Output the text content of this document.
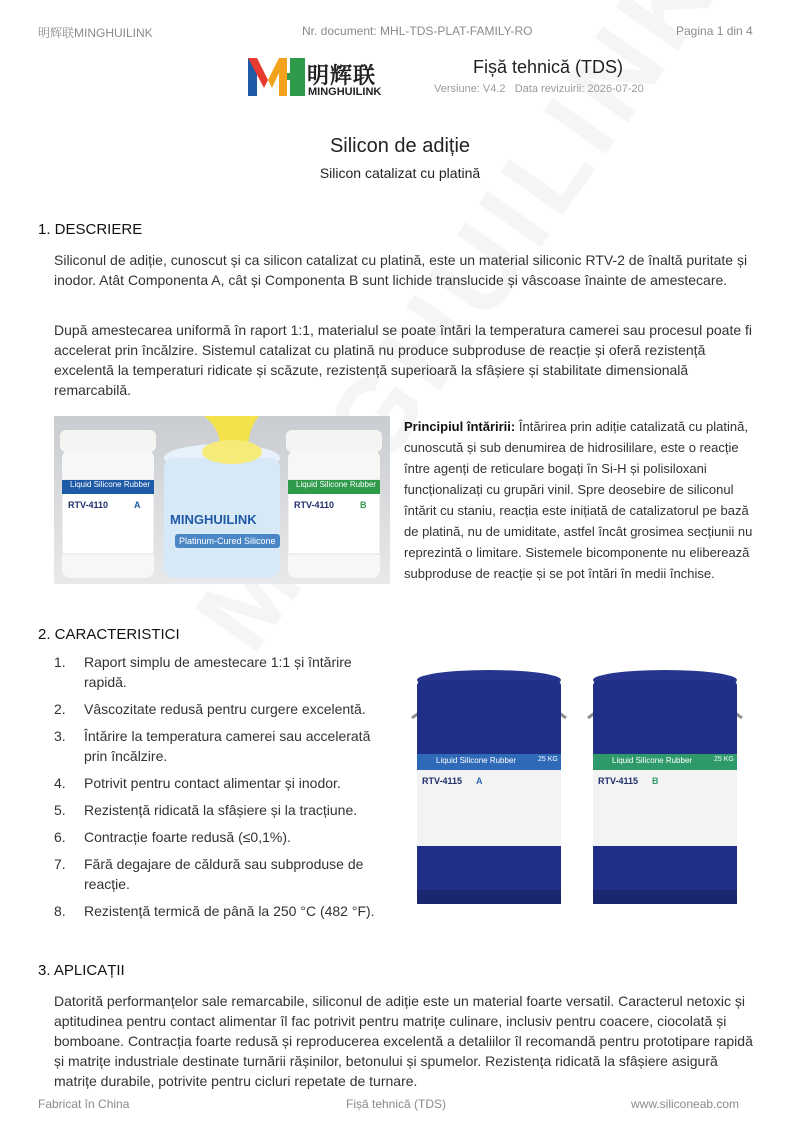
明辉联MINGHUILINK	Nr. document: MHL-TDS-PLAT-FAMILY-RO	Pagina 1 din 4
明辉联
MINGHUILINK
Fișă tehnică (TDS)
Versiune: V4.2 Data revizuirii: 2026-07-20
Silicon de adiție
Silicon catalizat cu platină
1. DESCRIERE

Siliconul de adiție, cunoscut și ca silicon catalizat cu platină, este un material siliconic RTV-2 de înaltă puritate și inodor. Atât Componenta A, cât și Componenta B sunt lichide translucide și vâscoase înainte de amestecare.

După amestecarea uniformă în raport 1:1, materialul se poate întări la temperatura camerei sau procesul poate fi accelerat prin încălzire. Sistemul catalizat cu platină nu produce subproduse de reacție și oferă rezistență excelentă la temperaturi ridicate și scăzute, rezistență superioară la sfâșiere și stabilitate dimensională remarcabilă.

Liquid Silicone Rubber
RTV-4110	A
MINGHUILINK
Platinum-Cured Silicone
Liquid Silicone Rubber
RTV-4110	B

Principiul întăririi: Întărirea prin adiție catalizată cu platină, cunoscută și sub denumirea de hidrosililare, este o reacție între agenți de reticulare bogați în Si-H și polisiloxani funcționalizați cu grupări vinil. Spre deosebire de siliconul întărit cu staniu, reacția este inițiată de catalizatorul pe bază de platină, nu de umiditate, astfel încât grosimea secțiunii nu reprezintă o limitare. Sistemele bicomponente nu eliberează subproduse de reacție și se pot întări în medii închise.

2. CARACTERISTICI
1. Raport simplu de amestecare 1:1 și întărire rapidă.
2. Vâscozitate redusă pentru curgere excelentă.
3. Întărire la temperatura camerei sau accelerată prin încălzire.
4. Potrivit pentru contact alimentar și inodor.
5. Rezistență ridicată la sfâșiere și la tracțiune.
6. Contracție foarte redusă (≤0,1%).
7. Fără degajare de căldură sau subproduse de reacție.
8. Rezistență termică de până la 250 °C (482 °F).
Liquid Silicone Rubber	25 KG
RTV-4115 A
Liquid Silicone Rubber	25 KG
RTV-4115 B
3. APLICAȚII

Datorită performanțelor sale remarcabile, siliconul de adiție este un material foarte versatil. Caracterul netoxic și aptitudinea pentru contact alimentar îl fac potrivit pentru matrițe culinare, inclusiv pentru coacere, ciocolată și bomboane. Contracția foarte redusă și reproducerea excelentă a detaliilor îl recomandă pentru prototipare rapidă și matrițe industriale destinate turnării rășinilor, betonului și spumelor. Rezistența ridicată la sfâșiere asigură matrițe durabile, potrivite pentru cicluri repetate de turnare.

Fabricat în China	Fișă tehnică (TDS)	www.siliconeab.com
